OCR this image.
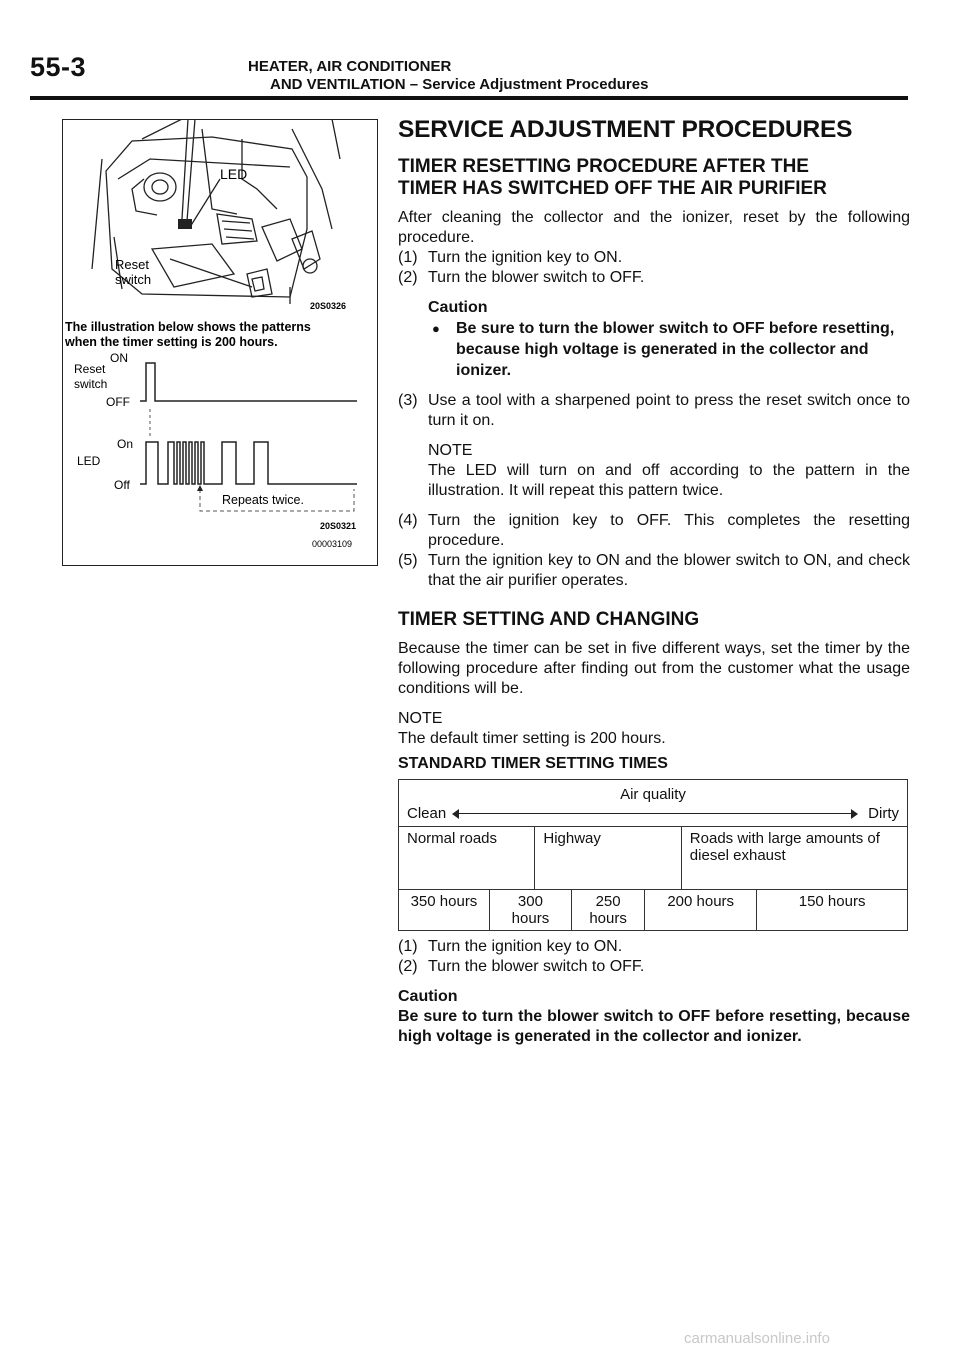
55-3	HEATER, AIR CONDITIONER
AND VENTILATION – Service Adjustment Procedures
LED
Reset
switch
20S0326
The illustration below shows the patterns
when the timer setting is 200 hours.
ON
Reset
switch
OFF
On
LED
Off
Repeats twice.
20S0321
00003109
SERVICE ADJUSTMENT PROCEDURES
TIMER RESETTING PROCEDURE AFTER THE
TIMER HAS SWITCHED OFF THE AIR PURIFIER
After cleaning the collector and the ionizer, reset by the following procedure.
(1) Turn the ignition key to ON.
(2) Turn the blower switch to OFF.
Caution
●	Be sure to turn the blower switch to OFF before resetting, because high voltage is generated in the collector and ionizer.
(3) Use a tool with a sharpened point to press the reset switch once to turn it on.
NOTE
The LED will turn on and off according to the pattern in the illustration. It will repeat this pattern twice.
(4) Turn the ignition key to OFF. This completes the resetting procedure.
(5) Turn the ignition key to ON and the blower switch to ON, and check that the air purifier operates.
TIMER SETTING AND CHANGING
Because the timer can be set in five different ways, set the timer by the following procedure after finding out from the customer what the usage conditions will be.
NOTE
The default timer setting is 200 hours.
STANDARD TIMER SETTING TIMES
Air quality
Clean Dirty						

Normal roads		Highway			Roads with large amounts of diesel exhaust	
350 hours	300 hours		250 hours	200 hours		150 hours
(1) Turn the ignition key to ON.
(2) Turn the blower switch to OFF.
Caution
Be sure to turn the blower switch to OFF before resetting, because high voltage is generated in the collector and ionizer.
carmanualsonline.info
